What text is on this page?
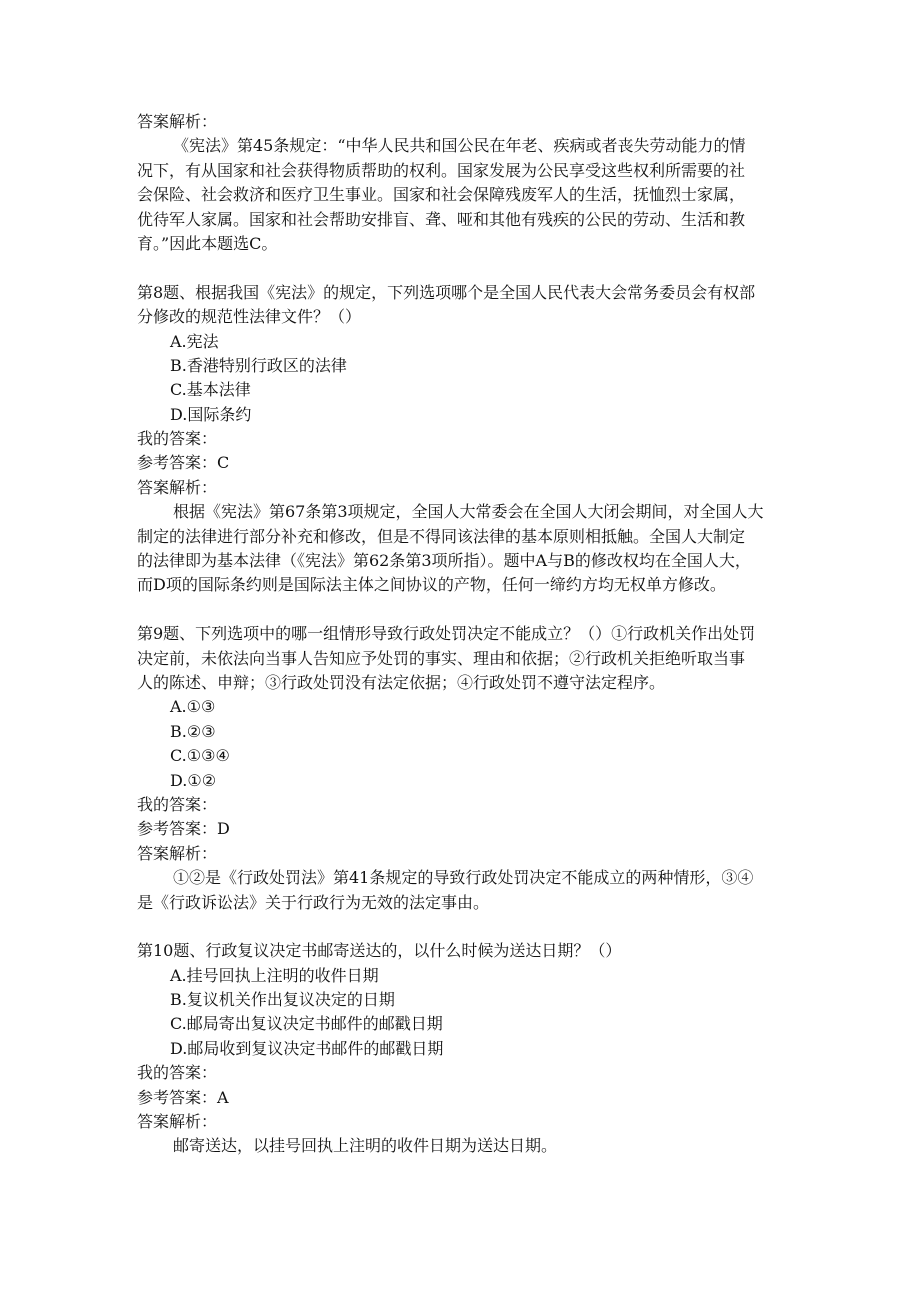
答案解析：
《宪法》第45条规定：“中华人民共和国公民在年老、疾病或者丧失劳动能力的情
况下，有从国家和社会获得物质帮助的权利。国家发展为公民享受这些权利所需要的社
会保险、社会救济和医疗卫生事业。国家和社会保障残废军人的生活，抚恤烈士家属，
优待军人家属。国家和社会帮助安排盲、聋、哑和其他有残疾的公民的劳动、生活和教
育。”因此本题选C。
第8题、根据我国《宪法》的规定，下列选项哪个是全国人民代表大会常务委员会有权部
分修改的规范性法律文件？（）
A.宪法
B.香港特别行政区的法律
C.基本法律
D.国际条约
我的答案：
参考答案：C
答案解析：
根据《宪法》第67条第3项规定，全国人大常委会在全国人大闭会期间，对全国人大
制定的法律进行部分补充和修改，但是不得同该法律的基本原则相抵触。全国人大制定
的法律即为基本法律（《宪法》第62条第3项所指）。题中A与B的修改权均在全国人大，
而D项的国际条约则是国际法主体之间协议的产物，任何一缔约方均无权单方修改。
第9题、下列选项中的哪一组情形导致行政处罚决定不能成立？（）①行政机关作出处罚
决定前，未依法向当事人告知应予处罚的事实、理由和依据；②行政机关拒绝听取当事
人的陈述、申辩；③行政处罚没有法定依据；④行政处罚不遵守法定程序。
A.①③
B.②③
C.①③④
D.①②
我的答案：
参考答案：D
答案解析：
①②是《行政处罚法》第41条规定的导致行政处罚决定不能成立的两种情形，③④
是《行政诉讼法》关于行政行为无效的法定事由。
第10题、行政复议决定书邮寄送达的，以什么时候为送达日期？（）
A.挂号回执上注明的收件日期
B.复议机关作出复议决定的日期
C.邮局寄出复议决定书邮件的邮戳日期
D.邮局收到复议决定书邮件的邮戳日期
我的答案：
参考答案：A
答案解析：
邮寄送达，以挂号回执上注明的收件日期为送达日期。
